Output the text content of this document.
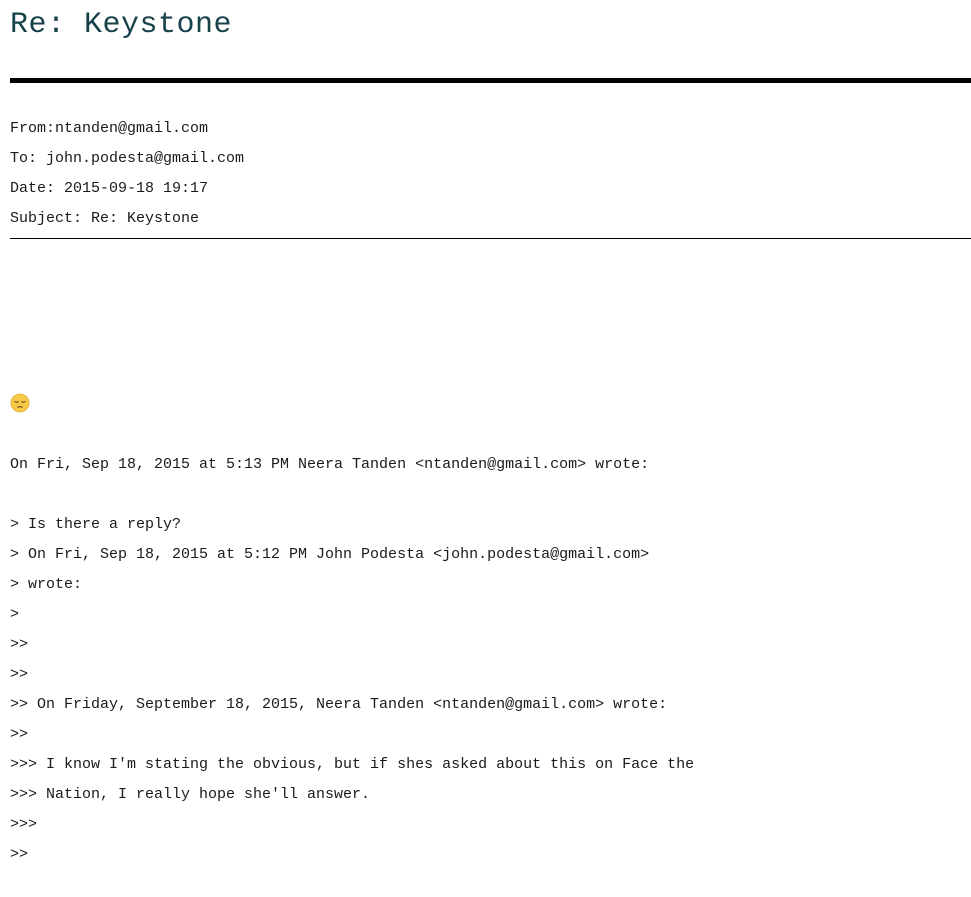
Re: Keystone
From:ntanden@gmail.com
To: john.podesta@gmail.com
Date: 2015-09-18 19:17
Subject: Re: Keystone
On Fri, Sep 18, 2015 at 5:13 PM Neera Tanden <ntanden@gmail.com> wrote:
> Is there a reply?
> On Fri, Sep 18, 2015 at 5:12 PM John Podesta <john.podesta@gmail.com>
> wrote:
>
>>
>>
>> On Friday, September 18, 2015, Neera Tanden <ntanden@gmail.com> wrote:
>>
>>> I know I'm stating the obvious, but if shes asked about this on Face the
>>> Nation, I really hope she'll answer.
>>>
>>
